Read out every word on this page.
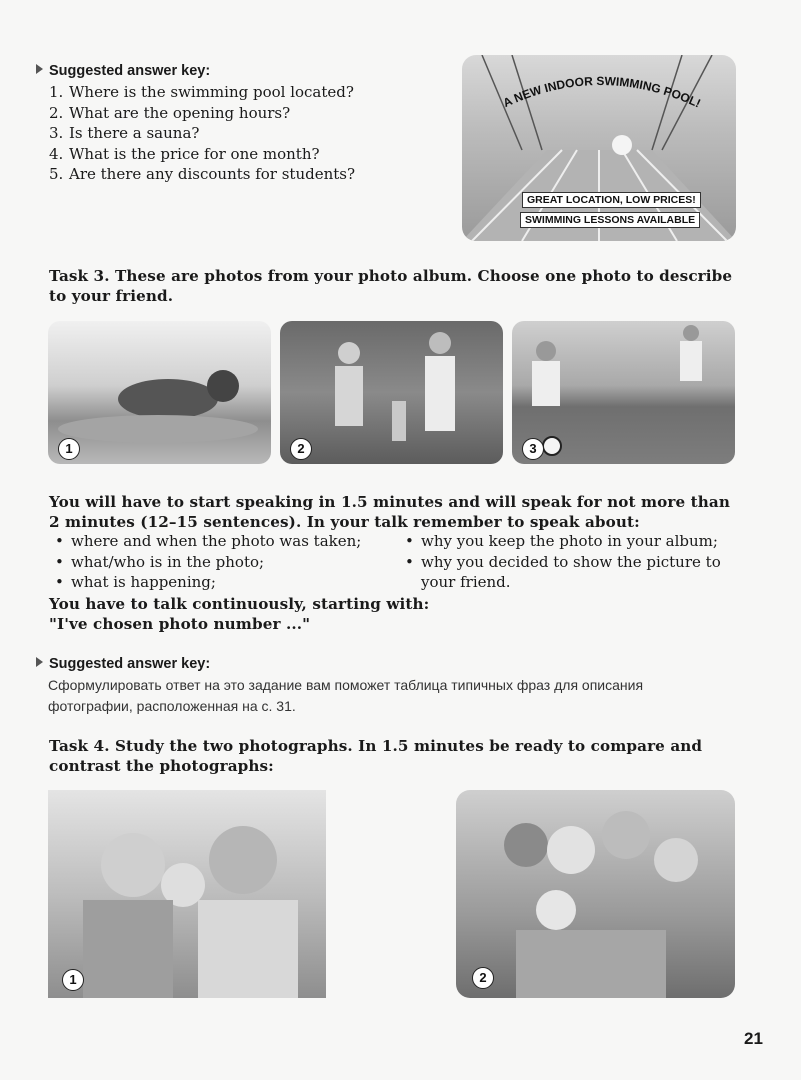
Suggested answer key:
1. Where is the swimming pool located?
2. What are the opening hours?
3. Is there a sauna?
4. What is the price for one month?
5. Are there any discounts for students?
A NEW INDOOR SWIMMING POOL!
GREAT LOCATION, LOW PRICES!
SWIMMING LESSONS AVAILABLE
Task 3. These are photos from your photo album. Choose one photo to describe to your friend.
1	2	3
You will have to start speaking in 1.5 minutes and will speak for not more than 2 minutes (12–15 sentences). In your talk remember to speak about:
• where and when the photo was taken;
• what/who is in the photo;
• what is happening;
• why you keep the photo in your album;
• why you decided to show the picture to your friend.
You have to talk continuously, starting with:
"I've chosen photo number ..."
Suggested answer key:
Сформулировать ответ на это задание вам поможет таблица типичных фраз для описания фотографии, расположенная на с. 31.
Task 4. Study the two photographs. In 1.5 minutes be ready to compare and contrast the photographs:
1	2
21
